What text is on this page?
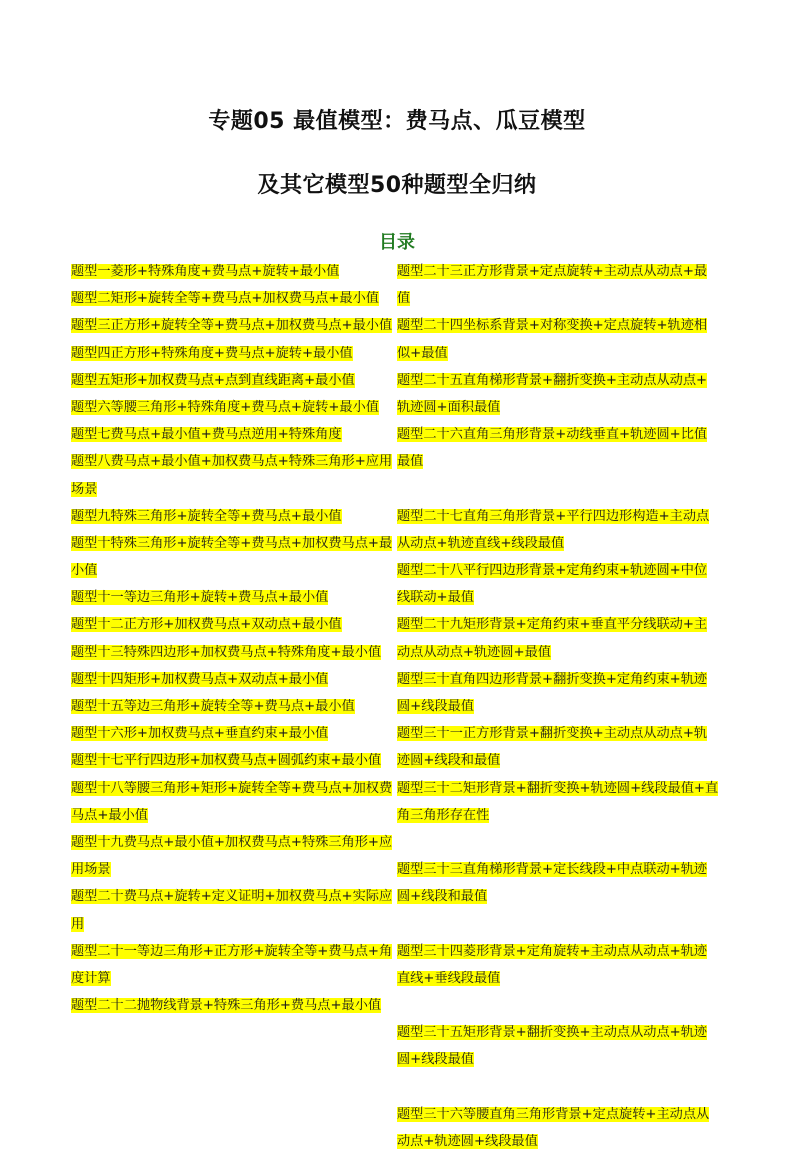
专题05 最值模型：费马点、瓜豆模型
及其它模型50种题型全归纳
目录
题型一菱形+特殊角度+费马点+旋转+最小值
题型二矩形+旋转全等+费马点+加权费马点+最小值
题型三正方形+旋转全等+费马点+加权费马点+最小值
题型四正方形+特殊角度+费马点+旋转+最小值
题型五矩形+加权费马点+点到直线距离+最小值
题型六等腰三角形+特殊角度+费马点+旋转+最小值
题型七费马点+最小值+费马点逆用+特殊角度
题型八费马点+最小值+加权费马点+特殊三角形+应用
场景
题型九特殊三角形+旋转全等+费马点+最小值
题型十特殊三角形+旋转全等+费马点+加权费马点+最
小值
题型十一等边三角形+旋转+费马点+最小值
题型十二正方形+加权费马点+双动点+最小值
题型十三特殊四边形+加权费马点+特殊角度+最小值
题型十四矩形+加权费马点+双动点+最小值
题型十五等边三角形+旋转全等+费马点+最小值
题型十六形+加权费马点+垂直约束+最小值
题型十七平行四边形+加权费马点+圆弧约束+最小值
题型十八等腰三角形+矩形+旋转全等+费马点+加权费
马点+最小值
题型十九费马点+最小值+加权费马点+特殊三角形+应
用场景
题型二十费马点+旋转+定义证明+加权费马点+实际应
用
题型二十一等边三角形+正方形+旋转全等+费马点+角
度计算
题型二十二抛物线背景+特殊三角形+费马点+最小值
题型二十三正方形背景+定点旋转+主动点从动点+最
值
题型二十四坐标系背景+对称变换+定点旋转+轨迹相
似+最值
题型二十五直角梯形背景+翻折变换+主动点从动点+
轨迹圆+面积最值
题型二十六直角三角形背景+动线垂直+轨迹圆+比值
最值
题型二十七直角三角形背景+平行四边形构造+主动点
从动点+轨迹直线+线段最值
题型二十八平行四边形背景+定角约束+轨迹圆+中位
线联动+最值
题型二十九矩形背景+定角约束+垂直平分线联动+主
动点从动点+轨迹圆+最值
题型三十直角四边形背景+翻折变换+定角约束+轨迹
圆+线段最值
题型三十一正方形背景+翻折变换+主动点从动点+轨
迹圆+线段和最值
题型三十二矩形背景+翻折变换+轨迹圆+线段最值+直
角三角形存在性
题型三十三直角梯形背景+定长线段+中点联动+轨迹
圆+线段和最值
题型三十四菱形背景+定角旋转+主动点从动点+轨迹
直线+垂线段最值
题型三十五矩形背景+翻折变换+主动点从动点+轨迹
圆+线段最值
题型三十六等腰直角三角形背景+定点旋转+主动点从
动点+轨迹圆+线段最值
